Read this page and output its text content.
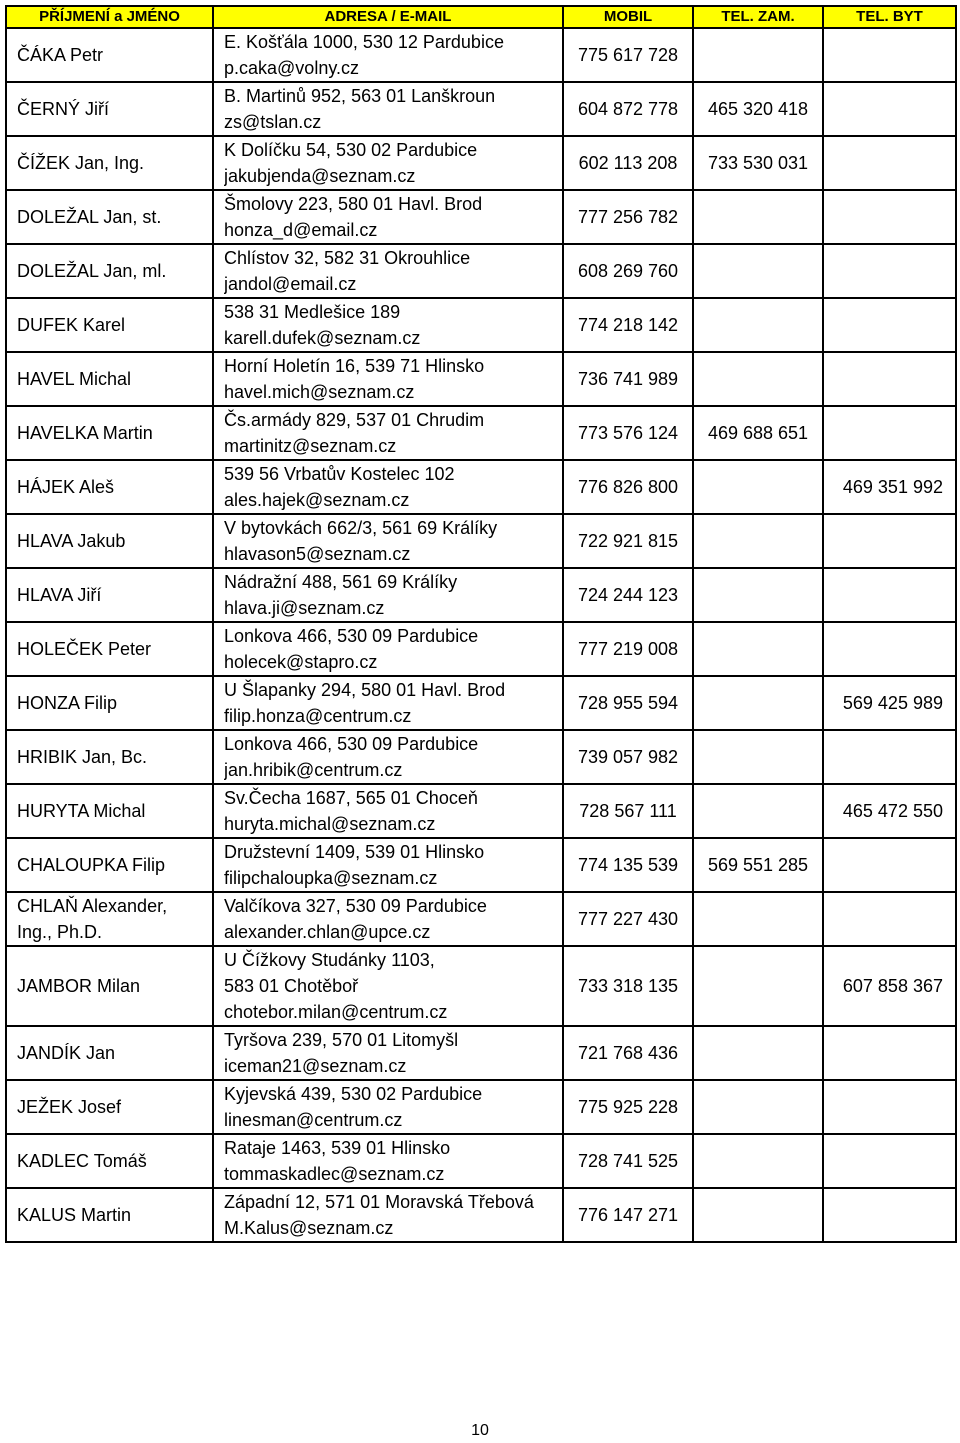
PŘÍJMENÍ a JMÉNO	ADRESA / E-MAIL	MOBIL	TEL. ZAM.	TEL. BYT

ČÁKA Petr	E. Košťála 1000, 530 12 Pardubice
p.caka@volny.cz	775 617 728		

ČERNÝ Jiří	B. Martinů 952, 563 01 Lanškroun
zs@tslan.cz	604 872 778	465 320 418	

ČÍŽEK Jan, Ing.	K Dolíčku 54, 530 02 Pardubice
jakubjenda@seznam.cz	602 113 208	733 530 031	

DOLEŽAL Jan, st.	Šmolovy 223, 580 01 Havl. Brod
honza_d@email.cz	777 256 782		

DOLEŽAL Jan, ml.	Chlístov 32, 582 31 Okrouhlice
jandol@email.cz	608 269 760		

DUFEK Karel	538 31 Medlešice 189
karell.dufek@seznam.cz	774 218 142		

HAVEL Michal	Horní Holetín 16, 539 71 Hlinsko
havel.mich@seznam.cz	736 741 989		

HAVELKA Martin	Čs.armády 829, 537 01 Chrudim
martinitz@seznam.cz	773 576 124	469 688 651	

HÁJEK Aleš	539 56 Vrbatův Kostelec 102
ales.hajek@seznam.cz	776 826 800		469 351 992

HLAVA Jakub	V bytovkách 662/3, 561 69 Králíky
hlavason5@seznam.cz	722 921 815		

HLAVA Jiří	Nádražní 488, 561 69 Králíky
hlava.ji@seznam.cz	724 244 123		

HOLEČEK Peter	Lonkova 466, 530 09 Pardubice
holecek@stapro.cz	777 219 008		

HONZA Filip	U Šlapanky 294, 580 01 Havl. Brod
filip.honza@centrum.cz	728 955 594		569 425 989

HRIBIK Jan, Bc.	Lonkova 466, 530 09 Pardubice
jan.hribik@centrum.cz	739 057 982		

HURYTA Michal	Sv.Čecha 1687, 565 01 Choceň
huryta.michal@seznam.cz	728 567 111		465 472 550

CHALOUPKA Filip	Družstevní 1409, 539 01 Hlinsko
filipchaloupka@seznam.cz	774 135 539	569 551 285	

CHLAŇ Alexander,
Ing., Ph.D.	Valčíkova 327, 530 09 Pardubice
alexander.chlan@upce.cz	777 227 430		

JAMBOR Milan	U Čížkovy Studánky 1103,
583 01 Chotěboř
chotebor.milan@centrum.cz	733 318 135		607 858 367

JANDÍK Jan	Tyršova 239, 570 01 Litomyšl
iceman21@seznam.cz	721 768 436		

JEŽEK Josef	Kyjevská 439, 530 02 Pardubice
linesman@centrum.cz	775 925 228		

KADLEC Tomáš	Rataje 1463, 539 01 Hlinsko
tommaskadlec@seznam.cz	728 741 525		

KALUS Martin	Západní 12, 571 01 Moravská Třebová
M.Kalus@seznam.cz	776 147 271		
10
